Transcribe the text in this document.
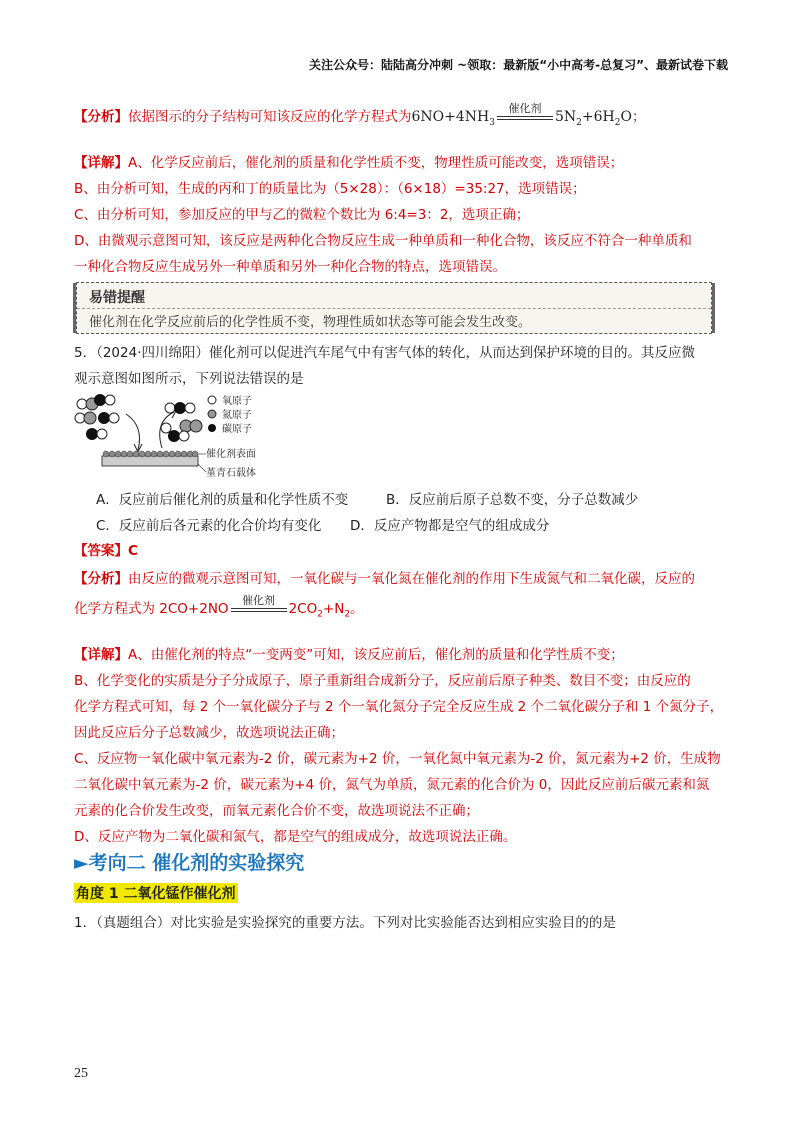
关注公众号：陆陆高分冲刺 ~领取：最新版“小中高考-总复习”、最新试卷下载
【分析】依据图示的分子结构可知该反应的化学方程式为$6NO+4NH_3$
催化剂
$5N_2+6H_2O$；
【详解】A、化学反应前后，催化剂的质量和化学性质不变，物理性质可能改变，选项错误；
B、由分析可知，生成的丙和丁的质量比为（5×28）：（6×18）=35:27，选项错误；
C、由分析可知，参加反应的甲与乙的微粒个数比为 6:4=3：2，选项正确；
D、由微观示意图可知，该反应是两种化合物反应生成一种单质和一种化合物，该反应不符合一种单质和
一种化合物反应生成另外一种单质和另外一种化合物的特点，选项错误。
易错提醒
催化剂在化学反应前后的化学性质不变，物理性质如状态等可能会发生改变。
5．（2024·四川绵阳）催化剂可以促进汽车尾气中有害气体的转化，从而达到保护环境的目的。其反应微
观示意图如图所示，下列说法错误的是
氧原子
氮原子
碳原子
催化剂表面
堇青石载体
A．反应前后催化剂的质量和化学性质不变	B．反应前后原子总数不变，分子总数减少
C．反应前后各元素的化合价均有变化 D．反应产物都是空气的组成成分
【答案】C
【分析】由反应的微观示意图可知，一氧化碳与一氧化氮在催化剂的作用下生成氮气和二氧化碳，反应的
化学方程式为 2CO+2NO
催化剂
$2CO_2+N_2$。
【详解】A、由催化剂的特点“一变两变”可知，该反应前后，催化剂的质量和化学性质不变；
B、化学变化的实质是分子分成原子，原子重新组合成新分子，反应前后原子种类、数目不变；由反应的
化学方程式可知，每 2 个一氧化碳分子与 2 个一氧化氮分子完全反应生成 2 个二氧化碳分子和 1 个氮分子，
因此反应后分子总数减少，故选项说法正确；
C、反应物一氧化碳中氧元素为-2 价，碳元素为+2 价，一氧化氮中氧元素为-2 价，氮元素为+2 价，生成物
二氧化碳中氧元素为-2 价，碳元素为+4 价，氮气为单质，氮元素的化合价为 0，因此反应前后碳元素和氮
元素的化合价发生改变，而氧元素化合价不变，故选项说法不正确；
D、反应产物为二氧化碳和氮气，都是空气的组成成分，故选项说法正确。
►考向二 催化剂的实验探究
角度 1 二氧化锰作催化剂
1．（真题组合）对比实验是实验探究的重要方法。下列对比实验能否达到相应实验目的的是
25
